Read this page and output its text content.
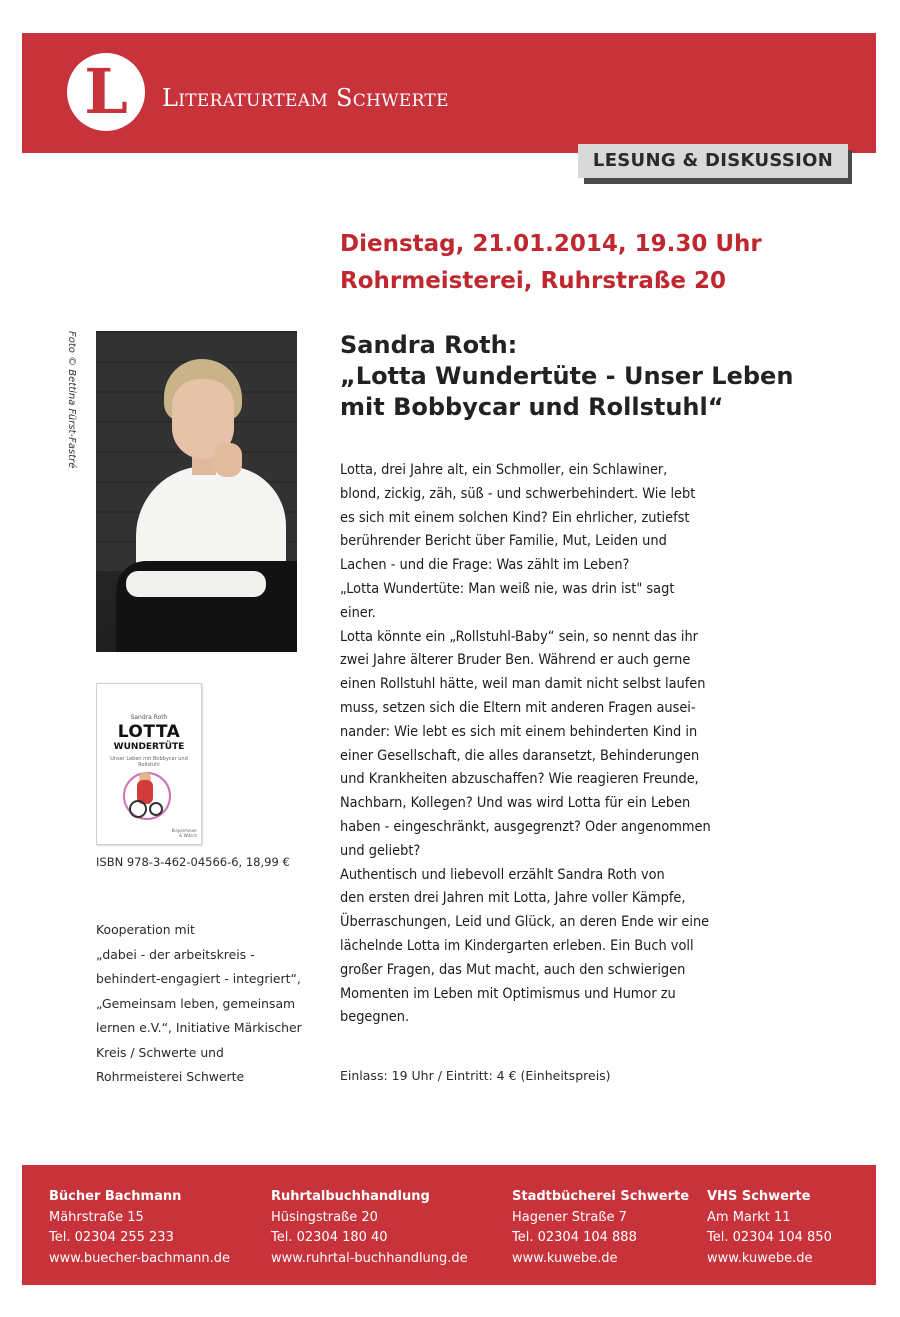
L	Literaturteam Schwerte
LESUNG & DISKUSSION
Dienstag, 21.01.2014, 19.30 Uhr
Rohrmeisterei, Ruhrstraße 20
Sandra Roth:
„Lotta Wundertüte - Unser Leben
mit Bobbycar und Rollstuhl“
Lotta, drei Jahre alt, ein Schmoller, ein Schlawiner,
blond, zickig, zäh, süß - und schwerbehindert. Wie lebt
es sich mit einem solchen Kind? Ein ehrlicher, zutiefst
berührender Bericht über Familie, Mut, Leiden und
Lachen - und die Frage: Was zählt im Leben?
„Lotta Wundertüte: Man weiß nie, was drin ist" sagt
einer.
Lotta könnte ein „Rollstuhl-Baby“ sein, so nennt das ihr
zwei Jahre älterer Bruder Ben. Während er auch gerne
einen Rollstuhl hätte, weil man damit nicht selbst laufen
muss, setzen sich die Eltern mit anderen Fragen ausei-
nander: Wie lebt es sich mit einem behinderten Kind in
einer Gesellschaft, die alles daransetzt, Behinderungen
und Krankheiten abzuschaffen? Wie reagieren Freunde,
Nachbarn, Kollegen? Und was wird Lotta für ein Leben
haben - eingeschränkt, ausgegrenzt? Oder angenommen
und geliebt?
Authentisch und liebevoll erzählt Sandra Roth von
den ersten drei Jahren mit Lotta, Jahre voller Kämpfe,
Überraschungen, Leid und Glück, an deren Ende wir eine
lächelnde Lotta im Kindergarten erleben. Ein Buch voll
großer Fragen, das Mut macht, auch den schwierigen
Momenten im Leben mit Optimismus und Humor zu
begegnen.
Einlass: 19 Uhr / Eintritt: 4 € (Einheitspreis)
Foto © Bettina Fürst-Fastré
Sandra Roth
LOTTA
WUNDERTÜTE
Unser Leben mit Bobbycar und Rollstuhl
Kiepenheuer & Witsch
ISBN 978-3-462-04566-6, 18,99 €
Kooperation mit
„dabei - der arbeitskreis -
behindert-engagiert - integriert“,
„Gemeinsam leben, gemeinsam
lernen e.V.“, Initiative Märkischer
Kreis / Schwerte und
Rohrmeisterei Schwerte
Bücher Bachmann
Mährstraße 15
Tel. 02304 255 233
www.buecher-bachmann.de
Ruhrtalbuchhandlung
Hüsingstraße 20
Tel. 02304 180 40
www.ruhrtal-buchhandlung.de
Stadtbücherei Schwerte
Hagener Straße 7
Tel. 02304 104 888
www.kuwebe.de
VHS Schwerte
Am Markt 11
Tel. 02304 104 850
www.kuwebe.de
